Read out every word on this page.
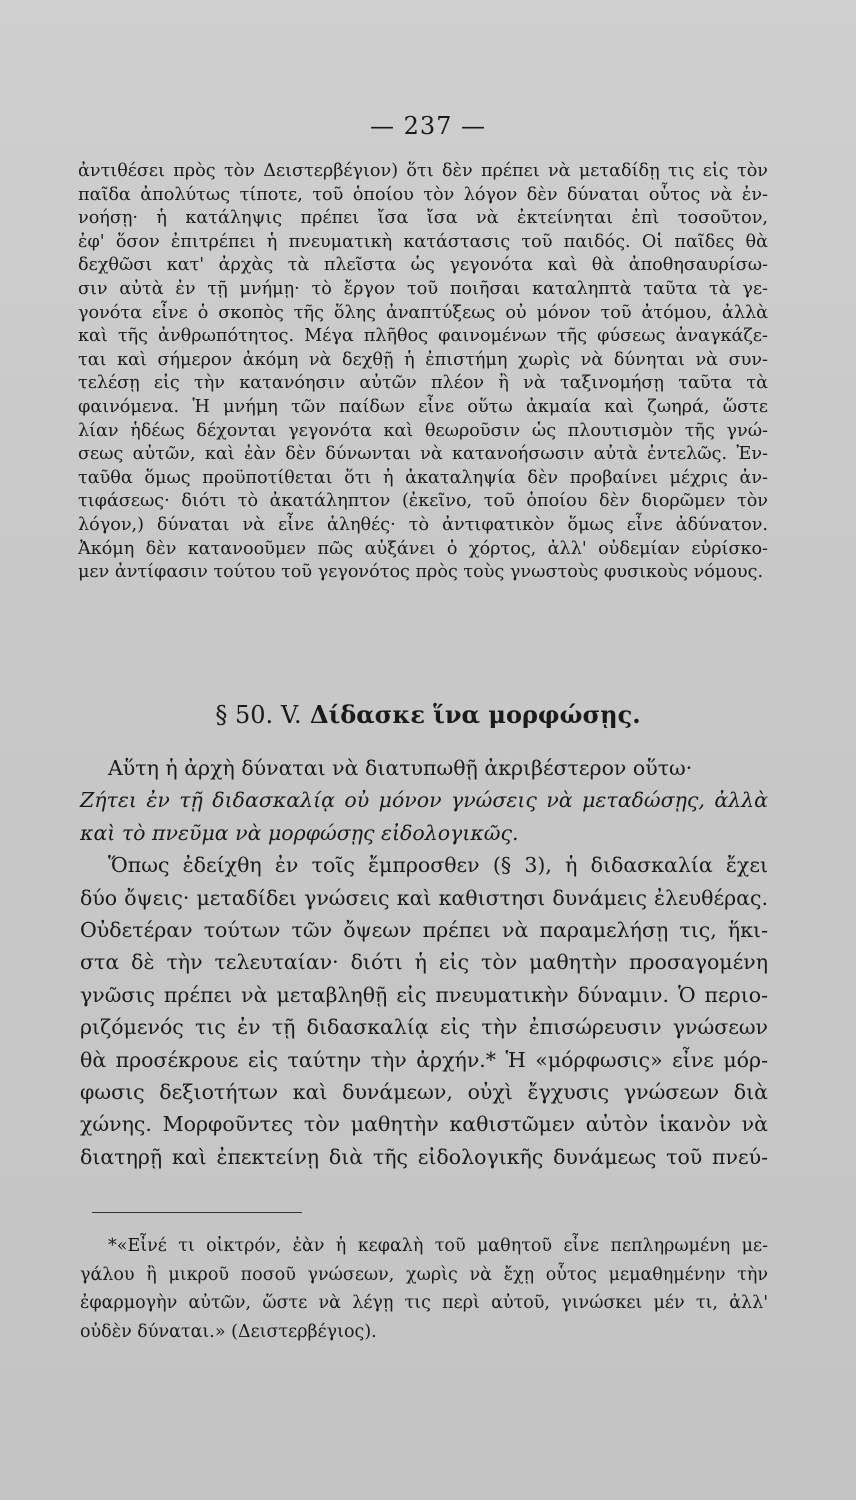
— 237 —
ἀντιθέσει πρὸς τὸν Δειστερβέγιον) ὅτι δὲν πρέπει νὰ μεταδίδῃ τις εἰς τὸν
παῖδα ἀπολύτως τίποτε, τοῦ ὁποίου τὸν λόγον δὲν δύναται οὗτος νὰ ἐν-
νοήσῃ· ἡ κατάληψις πρέπει ἴσα ἴσα νὰ ἐκτείνηται ἐπὶ τοσοῦτον,
ἐφ' ὅσον ἐπιτρέπει ἡ πνευματικὴ κατάστασις τοῦ παιδός. Οἱ παῖδες θὰ
δεχθῶσι κατ' ἀρχὰς τὰ πλεῖστα ὡς γεγονότα καὶ θὰ ἀποθησαυρίσω-
σιν αὐτὰ ἐν τῇ μνήμῃ· τὸ ἔργον τοῦ ποιῆσαι καταληπτὰ ταῦτα τὰ γε-
γονότα εἶνε ὁ σκοπὸς τῆς ὅλης ἀναπτύξεως οὐ μόνον τοῦ ἀτόμου, ἀλλὰ
καὶ τῆς ἀνθρωπότητος. Μέγα πλῆθος φαινομένων τῆς φύσεως ἀναγκάζε-
ται καὶ σήμερον ἀκόμη νὰ δεχθῇ ἡ ἐπιστήμη χωρὶς νὰ δύνηται νὰ συν-
τελέσῃ εἰς τὴν κατανόησιν αὐτῶν πλέον ἢ νὰ ταξινομήσῃ ταῦτα τὰ
φαινόμενα. Ἡ μνήμη τῶν παίδων εἶνε οὕτω ἀκμαία καὶ ζωηρά, ὥστε
λίαν ἡδέως δέχονται γεγονότα καὶ θεωροῦσιν ὡς πλουτισμὸν τῆς γνώ-
σεως αὐτῶν, καὶ ἐὰν δὲν δύνωνται νὰ κατανοήσωσιν αὐτὰ ἐντελῶς. Ἐν-
ταῦθα ὅμως προϋποτίθεται ὅτι ἡ ἀκαταληψία δὲν προβαίνει μέχρις ἀν-
τιφάσεως· διότι τὸ ἀκατάληπτον (ἐκεῖνο, τοῦ ὁποίου δὲν διορῶμεν τὸν
λόγον,) δύναται νὰ εἶνε ἀληθές· τὸ ἀντιφατικὸν ὅμως εἶνε ἀδύνατον.
Ἀκόμη δὲν κατανοοῦμεν πῶς αὐξάνει ὁ χόρτος, ἀλλ' οὐδεμίαν εὑρίσκο-
μεν ἀντίφασιν τούτου τοῦ γεγονότος πρὸς τοὺς γνωστοὺς φυσικοὺς νόμους.
§ 50. V. Δίδασκε ἵνα μορφώσῃς.
Αὕτη ἡ ἀρχὴ δύναται νὰ διατυπωθῇ ἀκριβέστερον οὕτω·
Ζήτει ἐν τῇ διδασκαλίᾳ οὐ μόνον γνώσεις νὰ μεταδώσῃς, ἀλλὰ
καὶ τὸ πνεῦμα νὰ μορφώσῃς εἰδολογικῶς.
Ὅπως ἐδείχθη ἐν τοῖς ἔμπροσθεν (§ 3), ἡ διδασκαλία ἔχει
δύο ὄψεις· μεταδίδει γνώσεις καὶ καθιστησι δυνάμεις ἐλευθέρας.
Οὐδετέραν τούτων τῶν ὄψεων πρέπει νὰ παραμελήσῃ τις, ἥκι-
στα δὲ τὴν τελευταίαν· διότι ἡ εἰς τὸν μαθητὴν προσαγομένη
γνῶσις πρέπει νὰ μεταβληθῇ εἰς πνευματικὴν δύναμιν. Ὁ περιο-
ριζόμενός τις ἐν τῇ διδασκαλίᾳ εἰς τὴν ἐπισώρευσιν γνώσεων
θὰ προσέκρουε εἰς ταύτην τὴν ἀρχήν.* Ἡ «μόρφωσις» εἶνε μόρ-
φωσις δεξιοτήτων καὶ δυνάμεων, οὐχὶ ἔγχυσις γνώσεων διὰ
χώνης. Μορφοῦντες τὸν μαθητὴν καθιστῶμεν αὐτὸν ἱκανὸν νὰ
διατηρῇ καὶ ἐπεκτείνῃ διὰ τῆς εἰδολογικῆς δυνάμεως τοῦ πνεύ-
*«Εἶνέ τι οἰκτρόν, ἐὰν ἡ κεφαλὴ τοῦ μαθητοῦ εἶνε πεπληρωμένη με-
γάλου ἢ μικροῦ ποσοῦ γνώσεων, χωρὶς νὰ ἔχῃ οὗτος μεμαθημένην τὴν
ἐφαρμογὴν αὐτῶν, ὥστε νὰ λέγῃ τις περὶ αὐτοῦ, γινώσκει μέν τι, ἀλλ'
οὐδὲν δύναται.» (Δειστερβέγιος).
